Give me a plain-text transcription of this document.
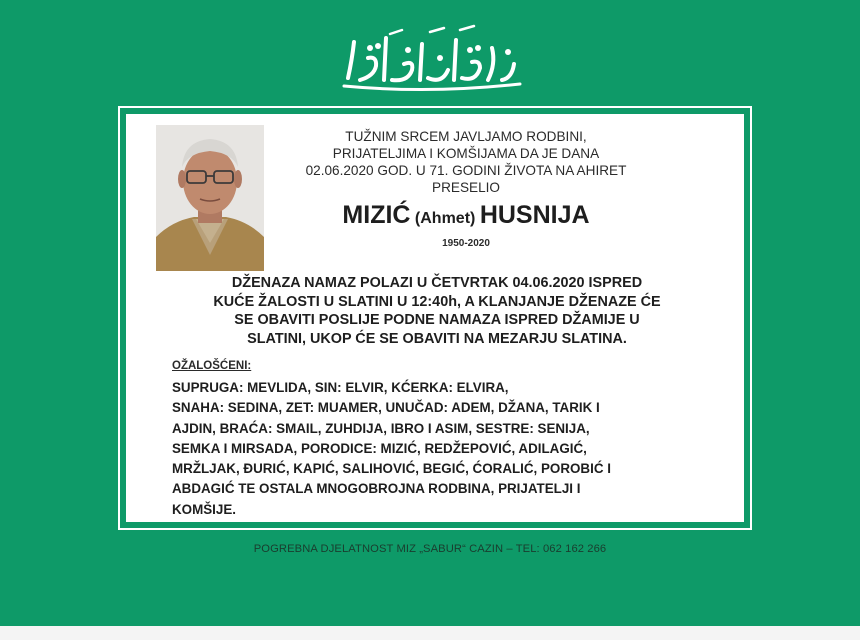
TUŽNIM SRCEM JAVLJAMO RODBINI,
PRIJATELJIMA I KOMŠIJAMA DA JE DANA
02.06.2020 GOD. U 71. GODINI ŽIVOTA NA AHIRET
PRESELIO
MIZIĆ (Ahmet) HUSNIJA
1950-2020
DŽENAZA NAMAZ POLAZI U ČETVRTAK 04.06.2020 ISPRED
KUĆE ŽALOSTI U SLATINI U 12:40h, A KLANJANJE DŽENAZE ĆE
SE OBAVITI POSLIJE PODNE NAMAZA ISPRED DŽAMIJE U
SLATINI, UKOP ĆE SE OBAVITI NA MEZARJU SLATINA.
OŽALOŠĆENI:
SUPRUGA: MEVLIDA, SIN: ELVIR, KĆERKA: ELVIRA,
SNAHA: SEDINA, ZET: MUAMER, UNUČAD: ADEM, DŽANA, TARIK I
AJDIN, BRAĆA: SMAIL, ZUHDIJA, IBRO I ASIM, SESTRE: SENIJA,
SEMKA I MIRSADA, PORODICE: MIZIĆ, REDŽEPOVIĆ, ADILAGIĆ,
MRŽLJAK, ĐURIĆ, KAPIĆ, SALIHOVIĆ, BEGIĆ, ĆORALIĆ, POROBIĆ I
ABDAGIĆ TE OSTALA MNOGOBROJNA RODBINA, PRIJATELJI I
KOMŠIJE.
POGREBNA DJELATNOST MIZ „SABUR“ CAZIN – TEL: 062 162 266
